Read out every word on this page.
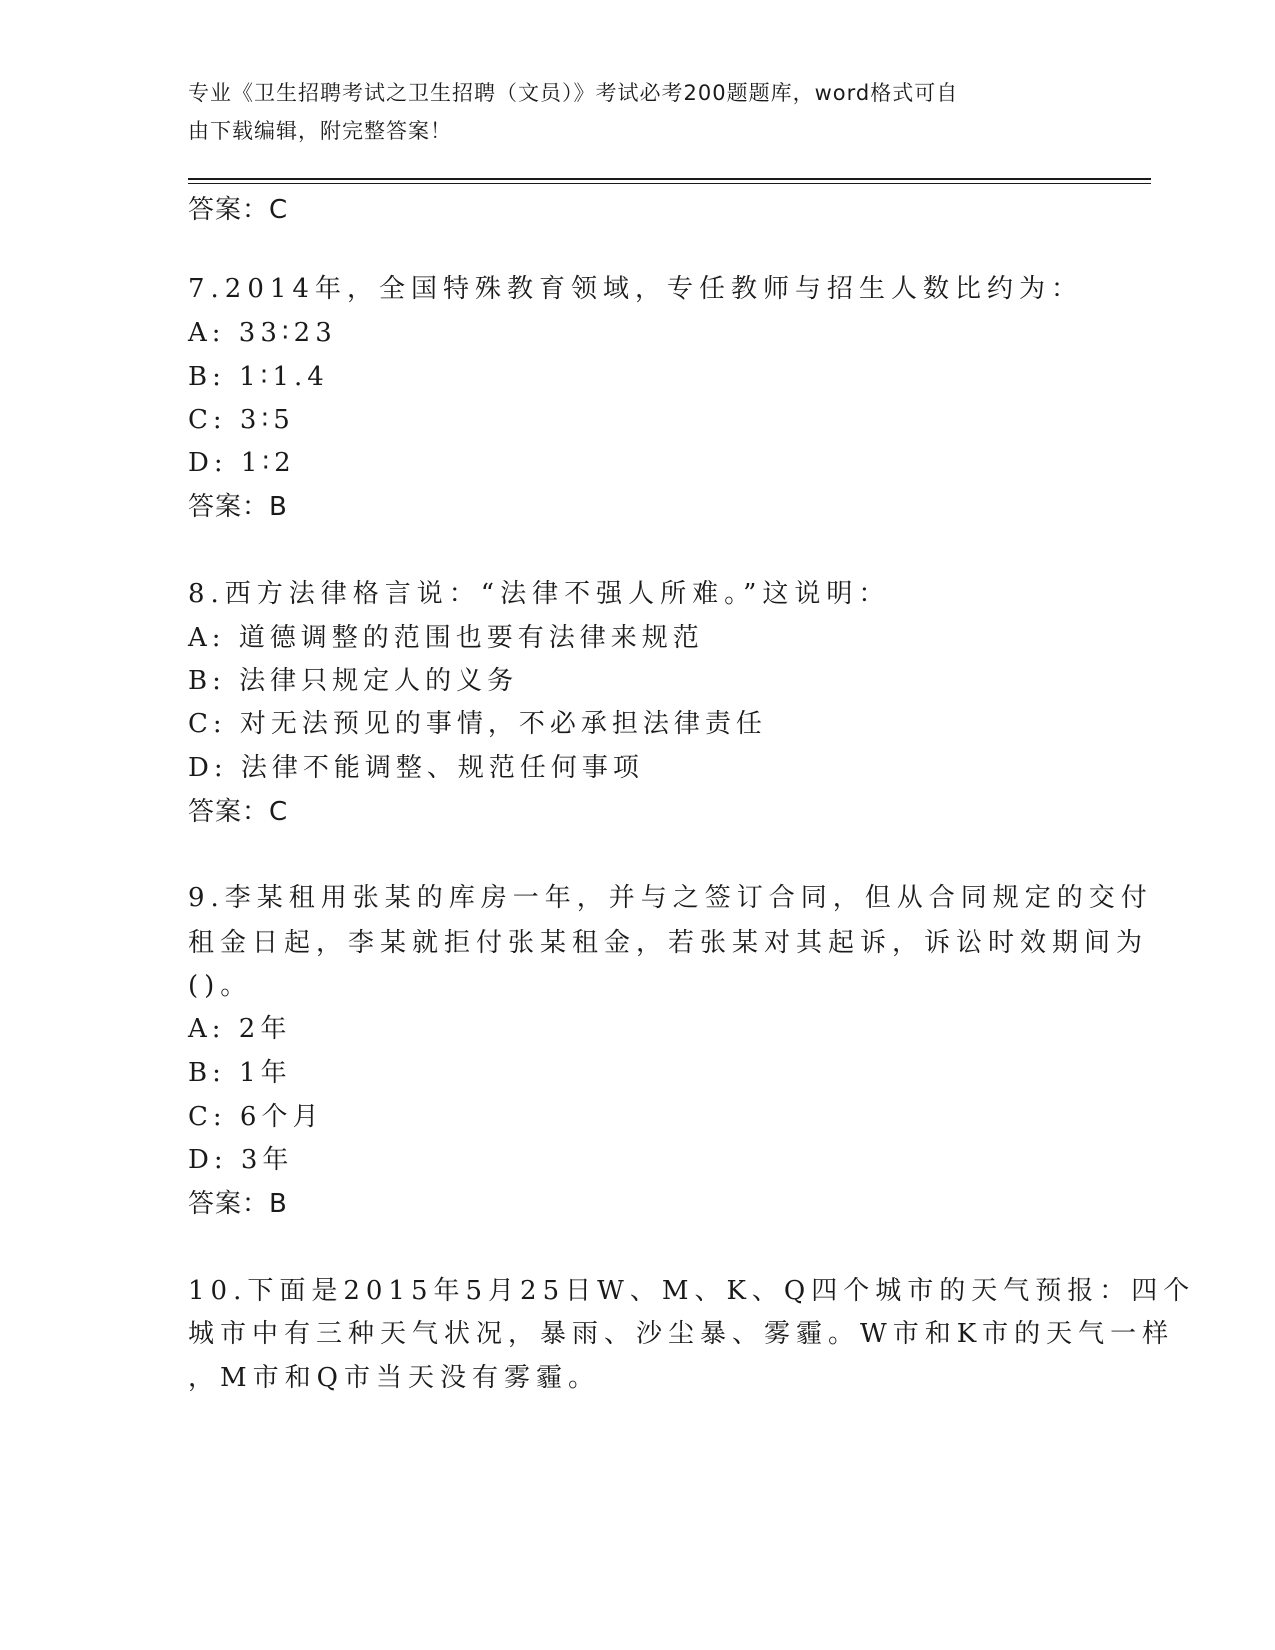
专业《卫生招聘考试之卫生招聘（文员）》考试必考200题题库，word格式可自
由下载编辑，附完整答案！
答案：C
7.2014年，全国特殊教育领域，专任教师与招生人数比约为：
A: 33∶23
B: 1∶1.4
C: 3∶5
D: 1∶2
答案：B
8.西方法律格言说：“法律不强人所难。”这说明：
A: 道德调整的范围也要有法律来规范
B: 法律只规定人的义务
C: 对无法预见的事情，不必承担法律责任
D: 法律不能调整、规范任何事项
答案：C
9.李某租用张某的库房一年，并与之签订合同，但从合同规定的交付
租金日起，李某就拒付张某租金，若张某对其起诉，诉讼时效期间为
()。
A: 2年
B: 1年
C: 6个月
D: 3年
答案：B
10.下面是2015年5月25日W、M、K、Q四个城市的天气预报：四个
城市中有三种天气状况，暴雨、沙尘暴、雾霾。W市和K市的天气一样
，M市和Q市当天没有雾霾。
